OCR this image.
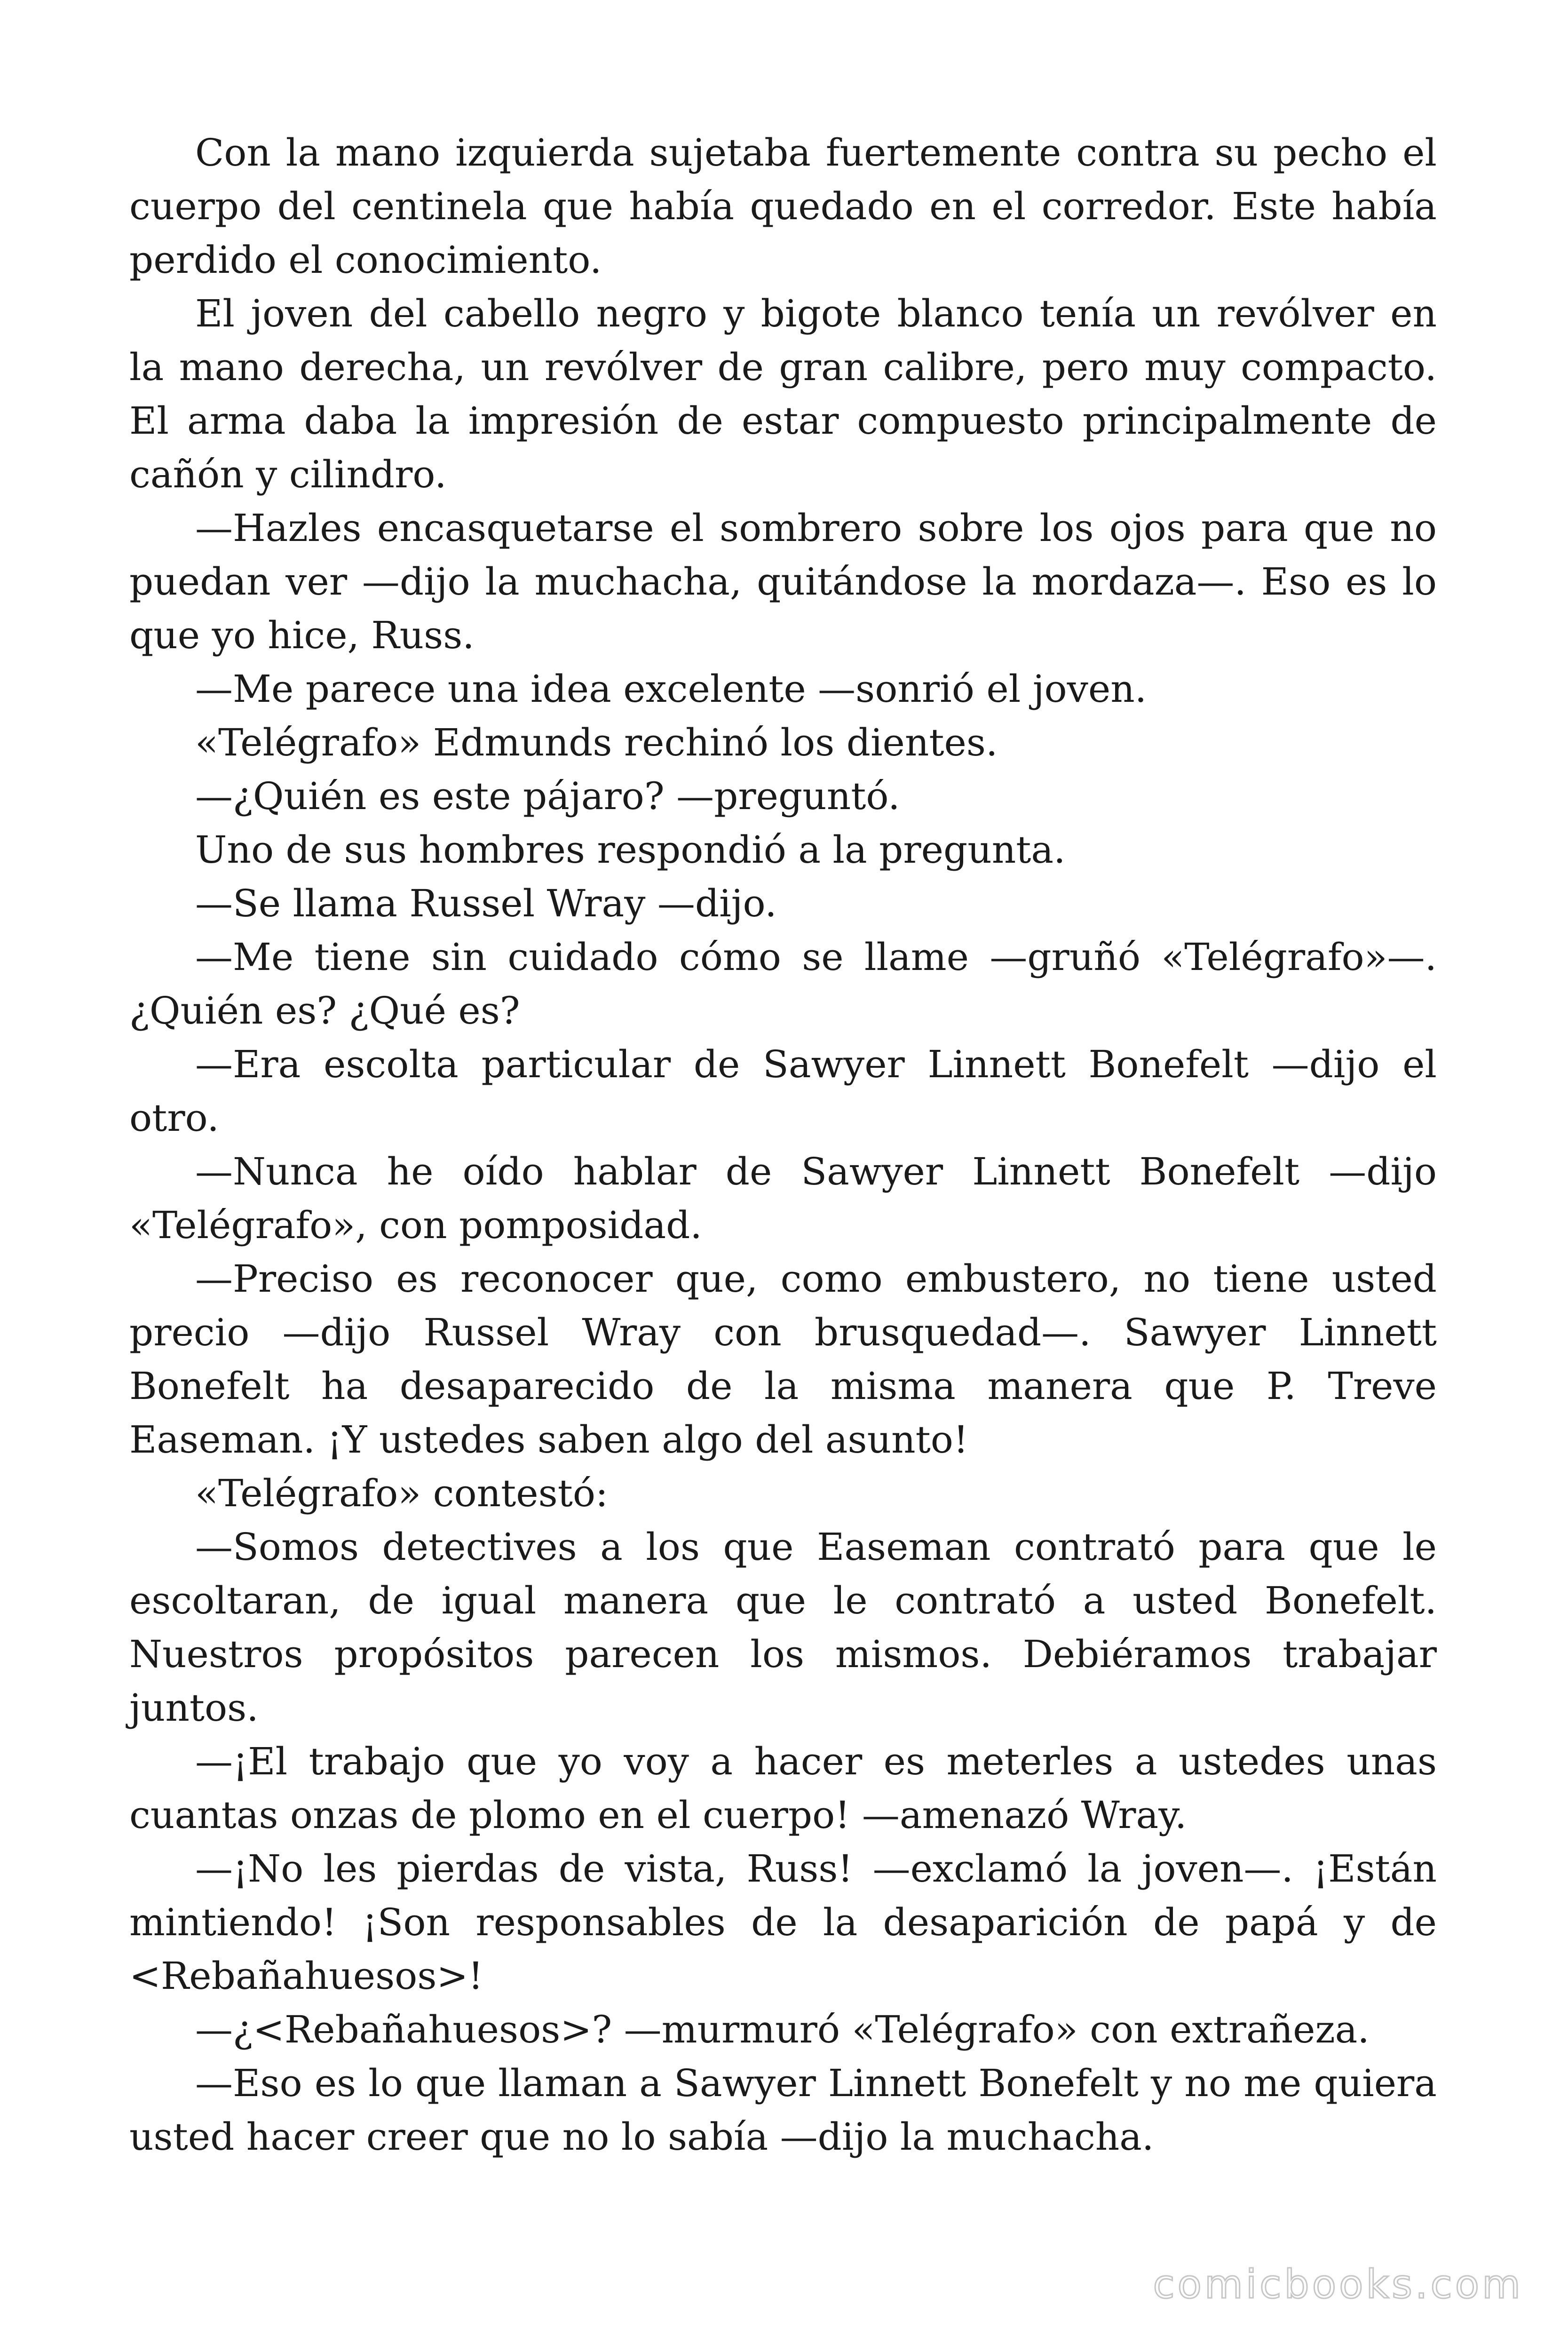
Con la mano izquierda sujetaba fuertemente contra su pecho el cuerpo del centinela que había quedado en el corredor. Este había perdido el conocimiento.

El joven del cabello negro y bigote blanco tenía un revólver en la mano derecha, un revólver de gran calibre, pero muy compacto. El arma daba la impresión de estar compuesto principalmente de cañón y cilindro.

—Hazles encasquetarse el sombrero sobre los ojos para que no puedan ver —dijo la muchacha, quitándose la mordaza—. Eso es lo que yo hice, Russ.

—Me parece una idea excelente —sonrió el joven.

«Telégrafo» Edmunds rechinó los dientes.

—¿Quién es este pájaro? —preguntó.

Uno de sus hombres respondió a la pregunta.

—Se llama Russel Wray —dijo.

—Me tiene sin cuidado cómo se llame —gruñó «Telégrafo»—. ¿Quién es? ¿Qué es?

—Era escolta particular de Sawyer Linnett Bonefelt —dijo el otro.

—Nunca he oído hablar de Sawyer Linnett Bonefelt —dijo «Telégrafo», con pomposidad.

—Preciso es reconocer que, como embustero, no tiene usted precio —dijo Russel Wray con brusquedad—. Sawyer Linnett Bonefelt ha desaparecido de la misma manera que P. Treve Easeman. ¡Y ustedes saben algo del asunto!

«Telégrafo» contestó:

—Somos detectives a los que Easeman contrató para que le escoltaran, de igual manera que le contrató a usted Bonefelt. Nuestros propósitos parecen los mismos. Debiéramos trabajar juntos.

—¡El trabajo que yo voy a hacer es meterles a ustedes unas cuantas onzas de plomo en el cuerpo! —amenazó Wray.

—¡No les pierdas de vista, Russ! —exclamó la joven—. ¡Están mintiendo! ¡Son responsables de la desaparición de papá y de <Rebañahuesos>!

—¿<Rebañahuesos>? —murmuró «Telégrafo» con extrañeza.

—Eso es lo que llaman a Sawyer Linnett Bonefelt y no me quiera usted hacer creer que no lo sabía —dijo la muchacha.

comicbooks.com
